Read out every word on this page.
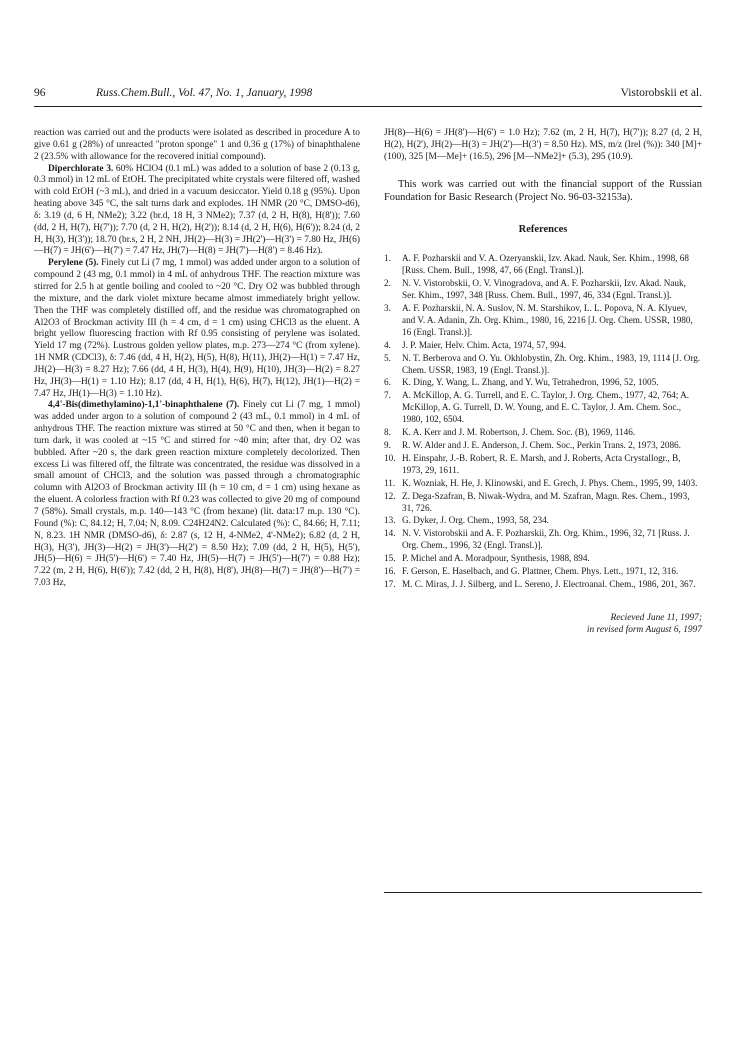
96	Russ.Chem.Bull., Vol. 47, No. 1, January, 1998	Vistorobskii et al.

reaction was carried out and the products were isolated as described in procedure A to give 0.61 g (28%) of unreacted "proton sponge" 1 and 0.36 g (17%) of binaphthalene 2 (23.5% with allowance for the recovered initial compound).

Diperchlorate 3. 60% HClO4 (0.1 mL) was added to a solution of base 2 (0.13 g, 0.3 mmol) in 12 mL of EtOH. The precipitated white crystals were filtered off, washed with cold EtOH (~3 mL), and dried in a vacuum desiccator. Yield 0.18 g (95%). Upon heating above 345 °C, the salt turns dark and explodes. 1H NMR (20 °C, DMSO-d6), δ: 3.19 (d, 6 H, NMe2); 3.22 (br.d, 18 H, 3 NMe2); 7.37 (d, 2 H, H(8), H(8')); 7.60 (dd, 2 H, H(7), H(7')); 7.70 (d, 2 H, H(2), H(2')); 8.14 (d, 2 H, H(6), H(6')); 8.24 (d, 2 H, H(3), H(3')); 18.70 (br.s, 2 H, 2 NH, JH(2)—H(3) = JH(2')—H(3') = 7.80 Hz, JH(6)—H(7) = JH(6')—H(7') = 7.47 Hz, JH(7)—H(8) = JH(7')—H(8') = 8.46 Hz).

Perylene (5). Finely cut Li (7 mg, 1 mmol) was added under argon to a solution of compound 2 (43 mg, 0.1 mmol) in 4 mL of anhydrous THF. The reaction mixture was stirred for 2.5 h at gentle boiling and cooled to ~20 °C. Dry O2 was bubbled through the mixture, and the dark violet mixture became almost immediately bright yellow. Then the THF was completely distilled off, and the residue was chromatographed on Al2O3 of Brockman activity III (h = 4 cm, d = 1 cm) using CHCl3 as the eluent. A bright yellow fluorescing fraction with Rf 0.95 consisting of perylene was isolated. Yield 17 mg (72%). Lustrous golden yellow plates, m.p. 273—274 °C (from xylene). 1H NMR (CDCl3), δ: 7.46 (dd, 4 H, H(2), H(5), H(8), H(11), JH(2)—H(1) = 7.47 Hz, JH(2)—H(3) = 8.27 Hz); 7.66 (dd, 4 H, H(3), H(4), H(9), H(10), JH(3)—H(2) = 8.27 Hz, JH(3)—H(1) = 1.10 Hz); 8.17 (dd, 4 H, H(1), H(6), H(7), H(12), JH(1)—H(2) = 7.47 Hz, JH(1)—H(3) = 1.10 Hz).

4,4'-Bis(dimethylamino)-1,1'-binaphthalene (7). Finely cut Li (7 mg, 1 mmol) was added under argon to a solution of compound 2 (43 mL, 0.1 mmol) in 4 mL of anhydrous THF. The reaction mixture was stirred at 50 °C and then, when it began to turn dark, it was cooled at ~15 °C and stirred for ~40 min; after that, dry O2 was bubbled. After ~20 s, the dark green reaction mixture completely decolorized. Then excess Li was filtered off, the filtrate was concentrated, the residue was dissolved in a small amount of CHCl3, and the solution was passed through a chromatographic column with Al2O3 of Brockman activity III (h = 10 cm, d = 1 cm) using hexane as the eluent. A colorless fraction with Rf 0.23 was collected to give 20 mg of compound 7 (58%). Small crystals, m.p. 140—143 °C (from hexane) (lit. data:17 m.p. 130 °C). Found (%): C, 84.12; H, 7.04; N, 8.09. C24H24N2. Calculated (%): C, 84.66; H, 7.11; N, 8.23. 1H NMR (DMSO-d6), δ: 2.87 (s, 12 H, 4-NMe2, 4'-NMe2); 6.82 (d, 2 H, H(3), H(3'), JH(3)—H(2) = JH(3')—H(2') = 8.50 Hz); 7.09 (dd, 2 H, H(5), H(5'), JH(5)—H(6) = JH(5')—H(6') = 7.40 Hz, JH(5)—H(7) = JH(5')—H(7') = 0.88 Hz); 7.22 (m, 2 H, H(6), H(6')); 7.42 (dd, 2 H, H(8), H(8'), JH(8)—H(7) = JH(8')—H(7') = 7.03 Hz,

JH(8)—H(6) = JH(8')—H(6') = 1.0 Hz); 7.62 (m, 2 H, H(7), H(7')); 8.27 (d, 2 H, H(2), H(2'), JH(2)—H(3) = JH(2')—H(3') = 8.50 Hz). MS, m/z (Irel (%)): 340 [M]+ (100), 325 [M—Me]+ (16.5), 296 [M—NMe2]+ (5.3), 295 (10.9).

This work was carried out with the financial support of the Russian Foundation for Basic Research (Project No. 96-03-32153a).

References
1. A. F. Pozharskii and V. A. Ozeryanskii, Izv. Akad. Nauk, Ser. Khim., 1998, 68 [Russ. Chem. Bull., 1998, 47, 66 (Engl. Transl.)].
2. N. V. Vistorobskii, O. V. Vinogradova, and A. F. Pozharskii, Izv. Akad. Nauk, Ser. Khim., 1997, 348 [Russ. Chem. Bull., 1997, 46, 334 (Egnl. Transl.)].
3. A. F. Pozharskii, N. A. Suslov, N. M. Starshikov, L. L. Popova, N. A. Klyuev, and V. A. Adanin, Zh. Org. Khim., 1980, 16, 2216 [J. Org. Chem. USSR, 1980, 16 (Engl. Transl.)].
4. J. P. Maier, Helv. Chim. Acta, 1974, 57, 994.
5. N. T. Berberova and O. Yu. Okhlobystin, Zh. Org. Khim., 1983, 19, 1114 [J. Org. Chem. USSR, 1983, 19 (Engl. Transl.)].
6. K. Ding, Y. Wang, L. Zhang, and Y. Wu, Tetrahedron, 1996, 52, 1005.
7. A. McKillop, A. G. Turrell, and E. C. Taylor, J. Org. Chem., 1977, 42, 764; A. McKillop, A. G. Turrell, D. W. Young, and E. C. Taylor, J. Am. Chem. Soc., 1980, 102, 6504.
8. K. A. Kerr and J. M. Robertson, J. Chem. Soc. (B), 1969, 1146.
9. R. W. Alder and J. E. Anderson, J. Chem. Soc., Perkin Trans. 2, 1973, 2086.
10. H. Einspahr, J.-B. Robert, R. E. Marsh, and J. Roberts, Acta Crystallogr., B, 1973, 29, 1611.
11. K. Wozniak, H. He, J. Klinowski, and E. Grech, J. Phys. Chem., 1995, 99, 1403.
12. Z. Dega-Szafran, B. Niwak-Wydra, and M. Szafran, Magn. Res. Chem., 1993, 31, 726.
13. G. Dyker, J. Org. Chem., 1993, 58, 234.
14. N. V. Vistorobskii and A. F. Pozharskii, Zh. Org. Khim., 1996, 32, 71 [Russ. J. Org. Chem., 1996, 32 (Engl. Transl.)].
15. P. Michel and A. Moradpour, Synthesis, 1988, 894.
16. F. Gerson, E. Haselbach, and G. Plattner, Chem. Phys. Lett., 1971, 12, 316.
17. M. C. Miras, J. J. Silberg, and L. Sereno, J. Electroanal. Chem., 1986, 201, 367.
Recieved June 11, 1997;
in revised form August 6, 1997
